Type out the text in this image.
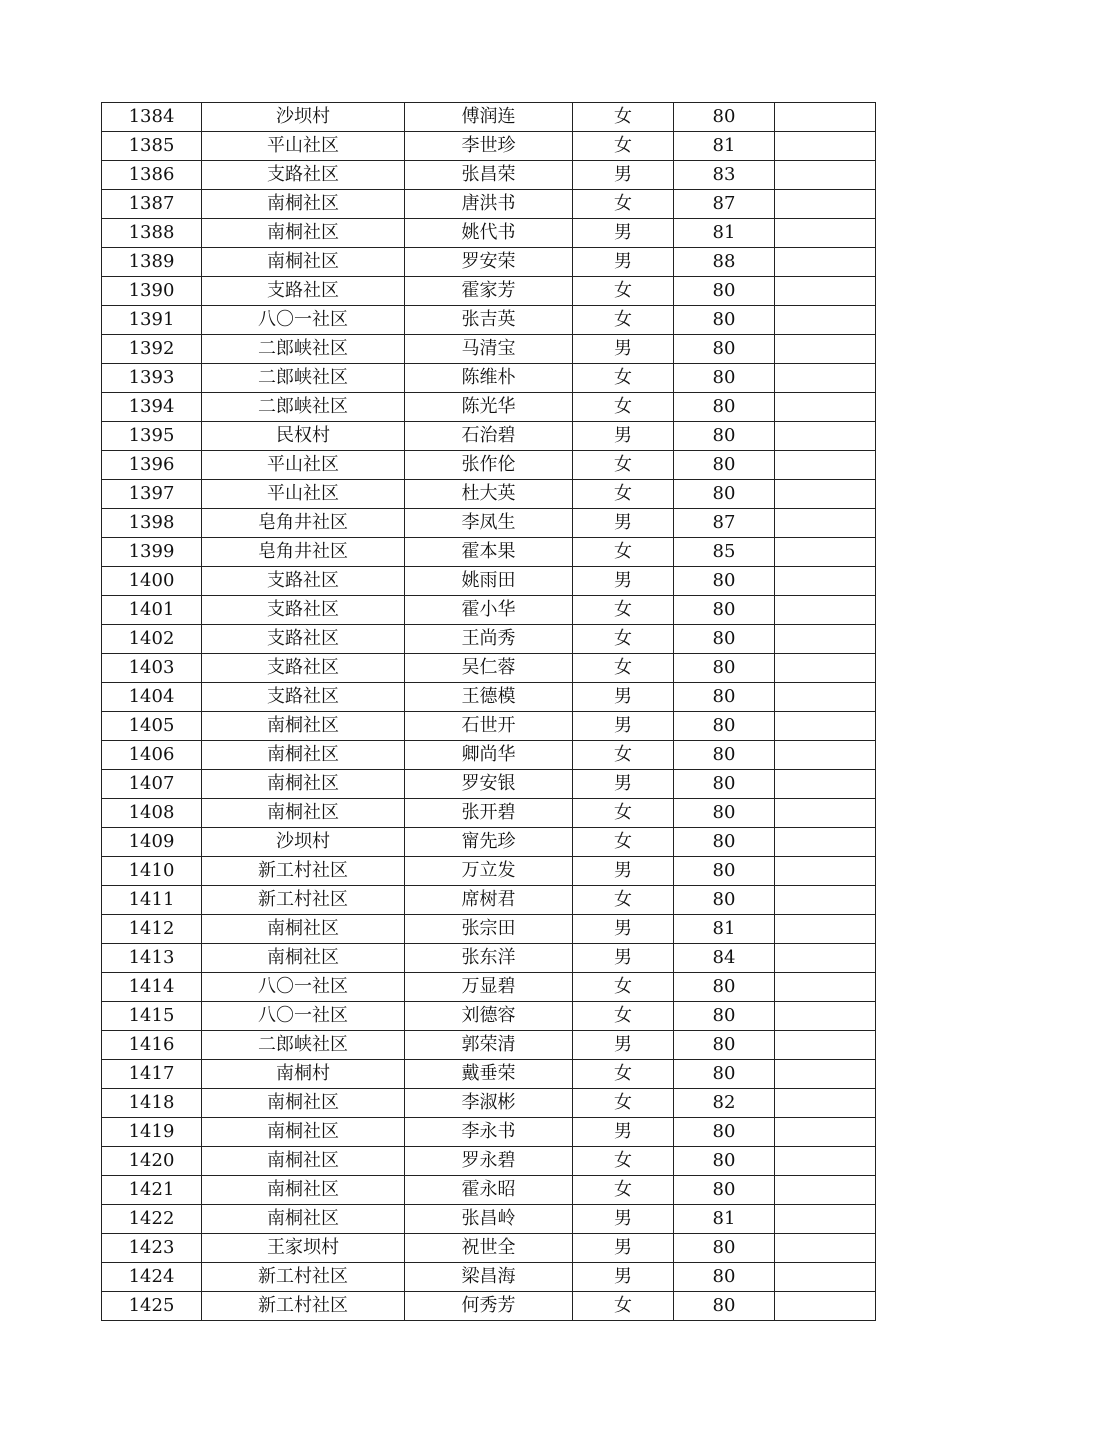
1384	沙坝村	傅润连	女	80	
1385	平山社区	李世珍	女	81	
1386	支路社区	张昌荣	男	83	
1387	南桐社区	唐洪书	女	87	
1388	南桐社区	姚代书	男	81	
1389	南桐社区	罗安荣	男	88	
1390	支路社区	霍家芳	女	80	
1391	八〇一社区	张吉英	女	80	
1392	二郎峡社区	马清宝	男	80	
1393	二郎峡社区	陈维朴	女	80	
1394	二郎峡社区	陈光华	女	80	
1395	民权村	石治碧	男	80	
1396	平山社区	张作伦	女	80	
1397	平山社区	杜大英	女	80	
1398	皂角井社区	李凤生	男	87	
1399	皂角井社区	霍本果	女	85	
1400	支路社区	姚雨田	男	80	
1401	支路社区	霍小华	女	80	
1402	支路社区	王尚秀	女	80	
1403	支路社区	吴仁蓉	女	80	
1404	支路社区	王德模	男	80	
1405	南桐社区	石世开	男	80	
1406	南桐社区	卿尚华	女	80	
1407	南桐社区	罗安银	男	80	
1408	南桐社区	张开碧	女	80	
1409	沙坝村	甯先珍	女	80	
1410	新工村社区	万立发	男	80	
1411	新工村社区	席树君	女	80	
1412	南桐社区	张宗田	男	81	
1413	南桐社区	张东洋	男	84	
1414	八〇一社区	万显碧	女	80	
1415	八〇一社区	刘德容	女	80	
1416	二郎峡社区	郭荣清	男	80	
1417	南桐村	戴垂荣	女	80	
1418	南桐社区	李淑彬	女	82	
1419	南桐社区	李永书	男	80	
1420	南桐社区	罗永碧	女	80	
1421	南桐社区	霍永昭	女	80	
1422	南桐社区	张昌岭	男	81	
1423	王家坝村	祝世全	男	80	
1424	新工村社区	梁昌海	男	80	
1425	新工村社区	何秀芳	女	80	
